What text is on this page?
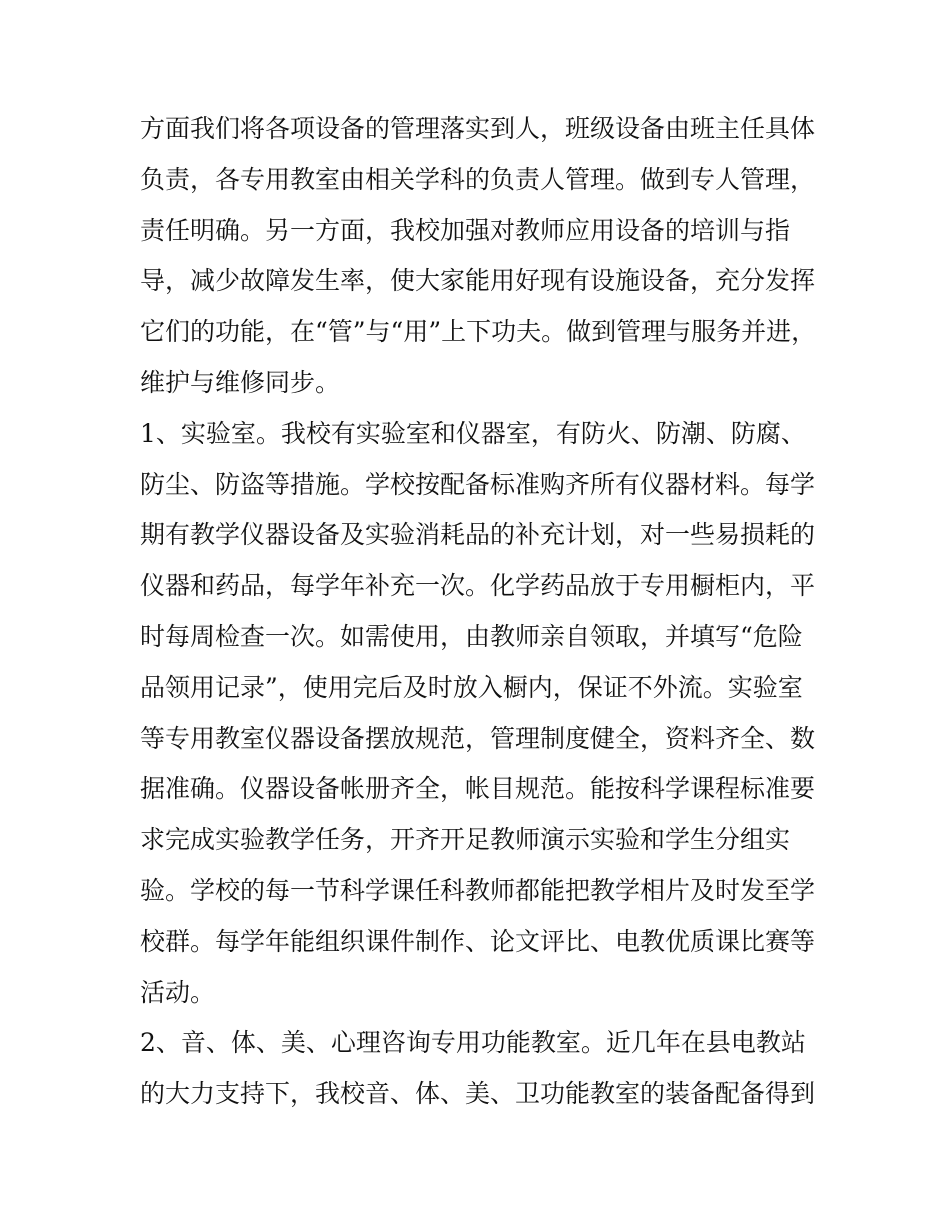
方面我们将各项设备的管理落实到人，班级设备由班主任具体
负责，各专用教室由相关学科的负责人管理。做到专人管理，
责任明确。另一方面，我校加强对教师应用设备的培训与指
导，减少故障发生率，使大家能用好现有设施设备，充分发挥
它们的功能，在“管”与“用”上下功夫。做到管理与服务并进，
维护与维修同步。
1、实验室。我校有实验室和仪器室，有防火、防潮、防腐、
防尘、防盗等措施。学校按配备标准购齐所有仪器材料。每学
期有教学仪器设备及实验消耗品的补充计划，对一些易损耗的
仪器和药品，每学年补充一次。化学药品放于专用橱柜内，平
时每周检查一次。如需使用，由教师亲自领取，并填写“危险
品领用记录”，使用完后及时放入橱内，保证不外流。实验室
等专用教室仪器设备摆放规范，管理制度健全，资料齐全、数
据准确。仪器设备帐册齐全，帐目规范。能按科学课程标准要
求完成实验教学任务，开齐开足教师演示实验和学生分组实
验。学校的每一节科学课任科教师都能把教学相片及时发至学
校群。每学年能组织课件制作、论文评比、电教优质课比赛等
活动。
2、音、体、美、心理咨询专用功能教室。近几年在县电教站
的大力支持下，我校音、体、美、卫功能教室的装备配备得到
